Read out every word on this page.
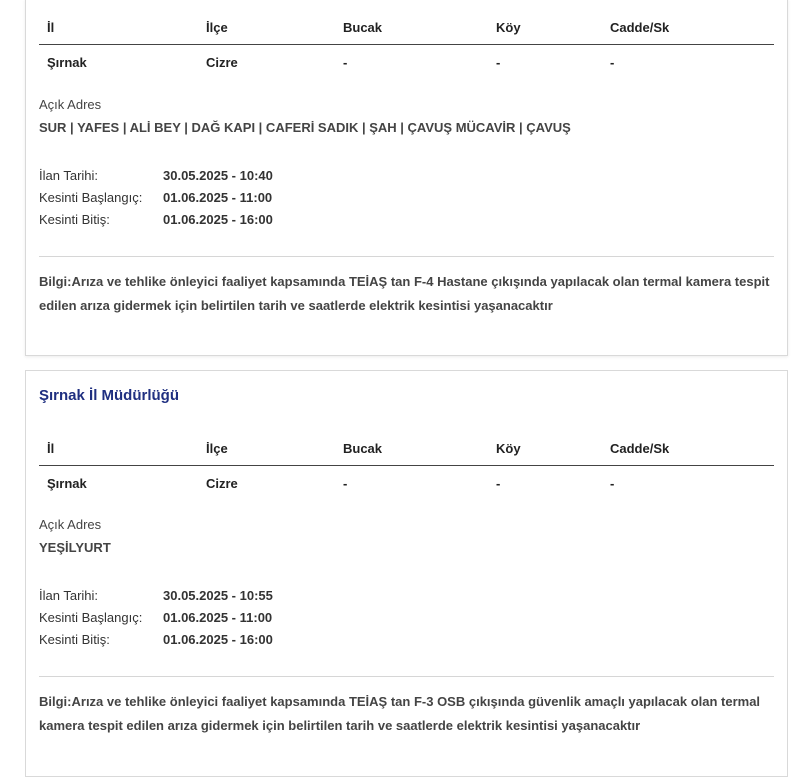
İl	İlçe	Bucak	Köy	Cadde/Sk
Şırnak	Cizre	-	-	-
Açık Adres
SUR | YAFES | ALİ BEY | DAĞ KAPI | CAFERİ SADIK | ŞAH | ÇAVUŞ MÜCAVİR | ÇAVUŞ
İlan Tarihi:	30.05.2025 - 10:40
Kesinti Başlangıç:	01.06.2025 - 11:00
Kesinti Bitiş:	01.06.2025 - 16:00
Bilgi:Arıza ve tehlike önleyici faaliyet kapsamında TEİAŞ tan F-4 Hastane çıkışında yapılacak olan termal kamera tespit edilen arıza gidermek için belirtilen tarih ve saatlerde elektrik kesintisi yaşanacaktır
Şırnak İl Müdürlüğü
İl	İlçe	Bucak	Köy	Cadde/Sk
Şırnak	Cizre	-	-	-
Açık Adres
YEŞİLYURT
İlan Tarihi:	30.05.2025 - 10:55
Kesinti Başlangıç:	01.06.2025 - 11:00
Kesinti Bitiş:	01.06.2025 - 16:00
Bilgi:Arıza ve tehlike önleyici faaliyet kapsamında TEİAŞ tan F-3 OSB çıkışında güvenlik amaçlı yapılacak olan termal kamera tespit edilen arıza gidermek için belirtilen tarih ve saatlerde elektrik kesintisi yaşanacaktır
